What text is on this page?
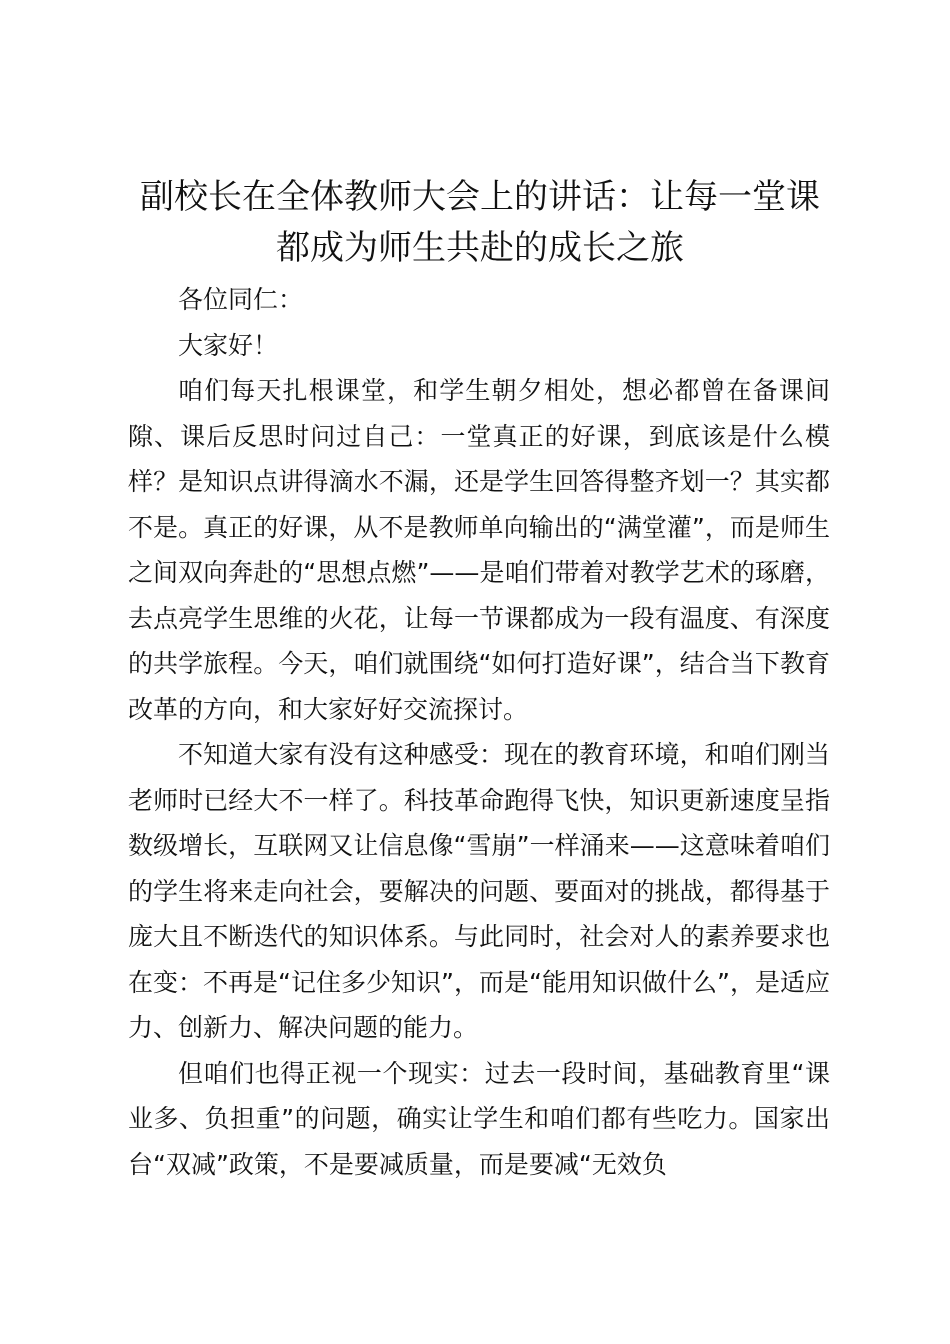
副校长在全体教师大会上的讲话：让每一堂课
都成为师生共赴的成长之旅

各位同仁：

大家好！

咱们每天扎根课堂，和学生朝夕相处，想必都曾在备课间隙、课后反思时问过自己：一堂真正的好课，到底该是什么模样？是知识点讲得滴水不漏，还是学生回答得整齐划一？其实都不是。真正的好课，从不是教师单向输出的“满堂灌”，而是师生之间双向奔赴的“思想点燃”——是咱们带着对教学艺术的琢磨，去点亮学生思维的火花，让每一节课都成为一段有温度、有深度的共学旅程。今天，咱们就围绕“如何打造好课”，结合当下教育改革的方向，和大家好好交流探讨。

不知道大家有没有这种感受：现在的教育环境，和咱们刚当老师时已经大不一样了。科技革命跑得飞快，知识更新速度呈指数级增长，互联网又让信息像“雪崩”一样涌来——这意味着咱们的学生将来走向社会，要解决的问题、要面对的挑战，都得基于庞大且不断迭代的知识体系。与此同时，社会对人的素养要求也在变：不再是“记住多少知识”，而是“能用知识做什么”，是适应力、创新力、解决问题的能力。

但咱们也得正视一个现实：过去一段时间，基础教育里“课业多、负担重”的问题，确实让学生和咱们都有些吃力。国家出台“双减”政策，不是要减质量，而是要减“无效负
